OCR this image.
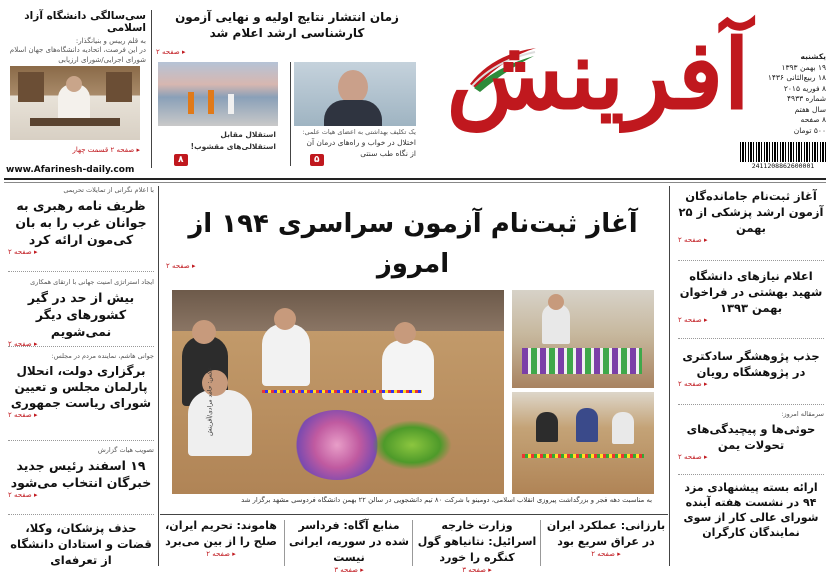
آفرینش	یکشنبه
۱۹ بهمن ۱۳۹۳
۱۸ ربیع‌الثانی ۱۴۳۶
۸ فوریه ۲۰۱۵
شماره ۴۹۳۳
سال هفتم
۸ صفحه
۵۰۰ تومان
2411208862600001
سی‌سالگی دانشگاه آزاد اسلامی
به قلم رییس و بنیانگذار:
در این فرصت، اتحادیه دانشگاه‌های جهان اسلام
شورای اجرایی/شورای ارزیابی
▸ صفحه ۲ قسمت چهار
زمان انتشار نتایج اولیه و نهایی آزمون
کارشناسی ارشد اعلام شد
▸ صفحه ۲
استقلال مقابل
استقلالی‌های مقشوب!
۸
یک تکلیف بهداشتی به اعضای هیات علمی:
اختلال در خواب و راه‌های درمان آن
از نگاه طب سنتی
۵
www.Afarinesh-daily.com
با اعلام نگرانی از تمایلات تحریمی
ظریف نامه رهبری به جوانان غرب را به بان کی‌مون ارائه کرد
▸ صفحه ۲
ایجاد استراتژی امنیت جهانی با ارتقای همکاری
بیش از حد در گیر کشورهای دیگر نمی‌شویم
▸ صفحه ۲
جوانی هاشم، نماینده مردم در مجلس:
برگزاری دولت، انحلال پارلمان مجلس و تعیین شورای ریاست جمهوری
▸ صفحه ۲
تصویب هیات گزارش
۱۹ اسفند رئیس جدید خبرگان انتخاب می‌شود
▸ صفحه ۲
حذف پزشکان، وکلا، قضات و استادان دانشگاه از تعرفه‌ای
آغاز ثبت‌نام آزمون سراسری ۱۹۴ از امروز
▸ صفحه ۲
عکس: حامد مرادی/آفرینش
به مناسبت دهه فجر و بزرگداشت پیروزی انقلاب اسلامی، دومینو با شرکت ۸۰ تیم دانشجویی در سالن ۲۲ بهمن دانشگاه فردوسی مشهد برگزار شد
بارزانی: عملکرد ایران در عراق سریع بود
▸ صفحه ۲
وزارت خارجه اسرائیل: نتانیاهو گول کنگره را خورد
▸ صفحه ۳
منابع آگاه: فرداسر شده در سوریه، ایرانی نیست
▸ صفحه ۳
هاموند: تحریم ایران، صلح را از بین می‌برد
▸ صفحه ۲
آغاز ثبت‌نام جامانده‌گان آزمون ارشد پزشکی از ۲۵ بهمن
▸ صفحه ۲
اعلام نیازهای دانشگاه شهید بهشتی در فراخوان بهمن ۱۳۹۳
▸ صفحه ۲
جذب پژوهشگر سادکتری در پژوهشگاه رویان
▸ صفحه ۲
سرمقاله امروز:
حوثی‌ها و پیچیدگی‌های تحولات یمن
▸ صفحه ۲
ارائه بسته پیشنهادی مزد ۹۴ در نشست هفته آینده شورای عالی کار از سوی نمایندگان کارگران
